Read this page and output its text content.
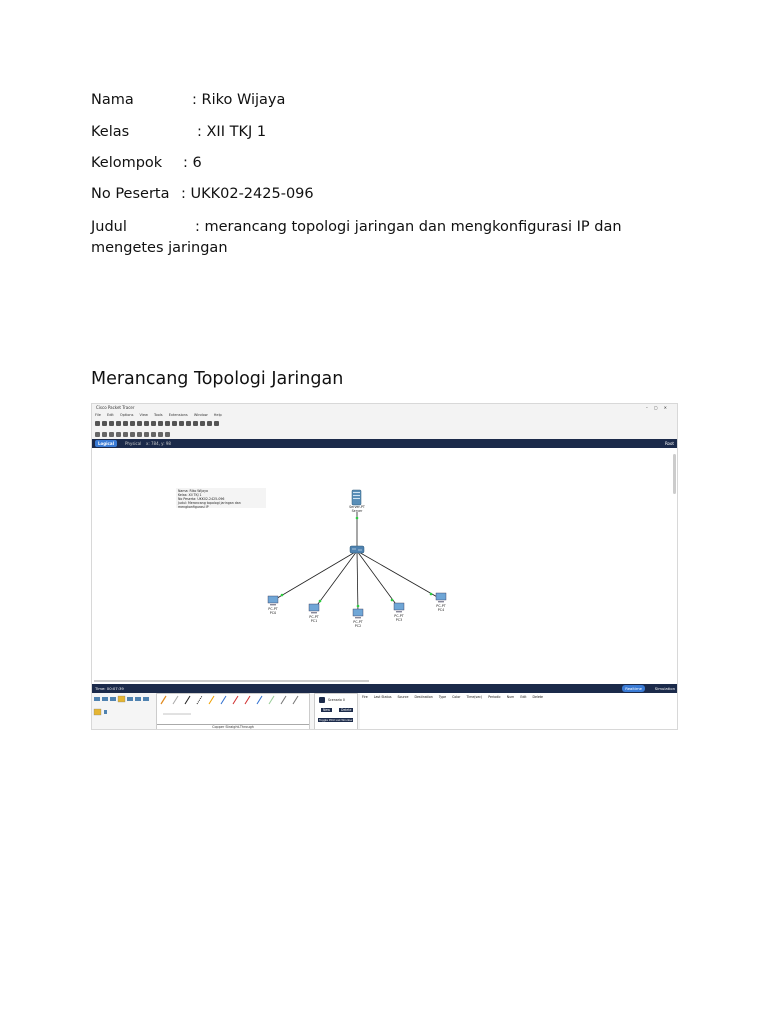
Nama	: Riko Wijaya
Kelas	: XII TKJ 1
Kelompok : 6
No Peserta : UKK02-2425-096
Judul	: merancang topologi jaringan dan mengkonfigurasi IP dan mengetes jaringan
Merancang Topologi Jaringan
Cisco Packet Tracer	–▢✕
File Edit Options View Tools Extensions Window Help
Logical	Physical	x: 784, y: 98	Root
Nama: Riko Wijaya
Kelas: XII TKJ 1
No Peserta: UKK02-2425-096
Judul: Merancang topologi jaringan dan mengkonfigurasi IP	Server-PT
Server
PC-PT
PC0
PC-PT
PC1	PC-PT
PC2
PC-PT
PC3
PC-PT
PC4
Time: 00:07:39	Realtime	Simulation
Copper Straight-Through
Scenario 0
New	Delete
Toggle PDU List Window
Fire Last Status Source Destination Type Color Time(sec) Periodic Num Edit Delete
